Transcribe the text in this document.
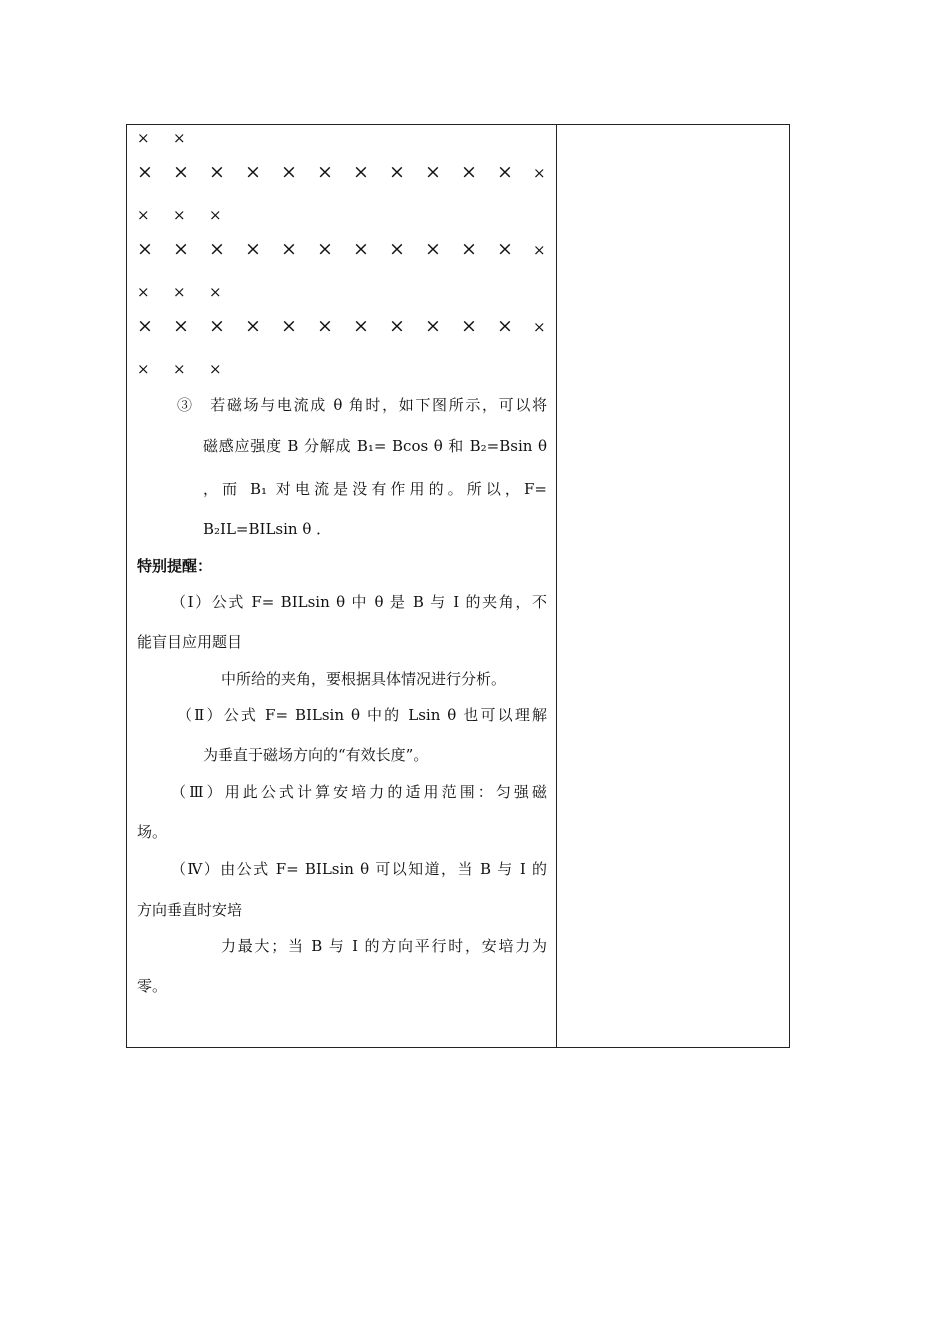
× ×
× × × × × × × × × × × ×
× × ×
× × × × × × × × × × × ×
× × ×
× × × × × × × × × × × ×
× × ×
③　若磁场与电流成 θ 角时，如下图所示，可以将
磁感应强度 B 分解成 B₁= Bcos θ 和 B₂=Bsin θ
，而 B₁ 对电流是没有作用的。所以，F=
B₂IL=BILsin θ ．
特别提醒：
（Ⅰ）公式 F= BILsin θ 中 θ 是 B 与 I 的夹角，不
能盲目应用题目
中所给的夹角，要根据具体情况进行分析。
（Ⅱ）公式 F= BILsin θ 中的 Lsin θ 也可以理解
为垂直于磁场方向的“有效长度”。
（Ⅲ）用此公式计算安培力的适用范围：匀强磁
场。
（Ⅳ）由公式 F= BILsin θ 可以知道，当 B 与 I 的
方向垂直时安培
力最大；当 B 与 I 的方向平行时，安培力为
零。
